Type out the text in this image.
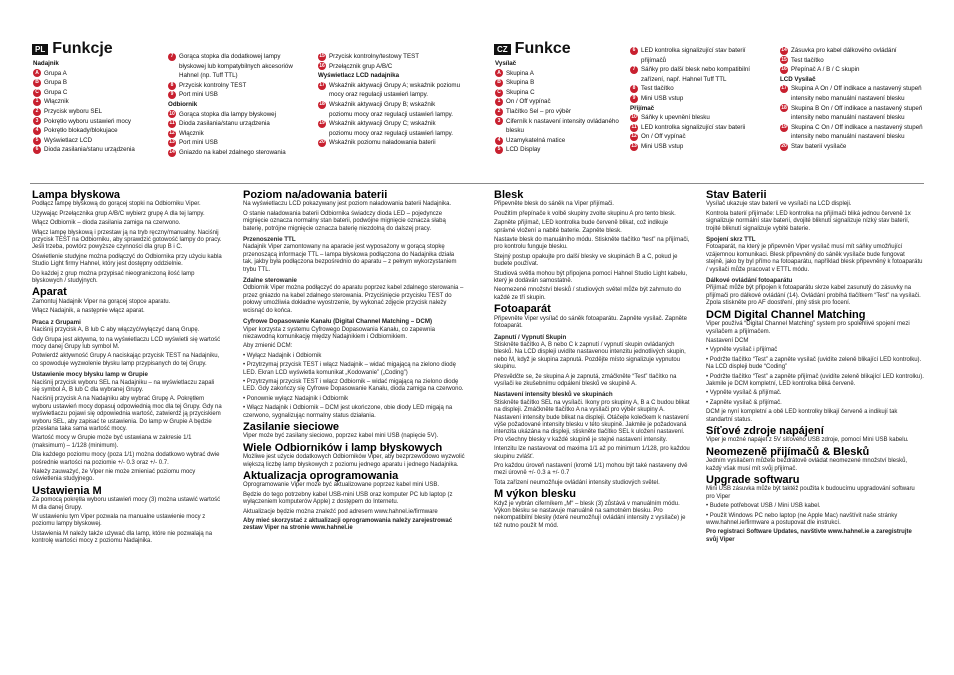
PL Funkcje
Nadajnik
A Grupa A
B Grupa B
C Grupa C
1 Włącznik
2 Przycisk wyboru SEL
3 Pokrętło wyboru ustawień mocy
4 Pokrętło blokady/blokujace
5 Wyświetlacz LCD
6 Dioda zasilania/stanu urządzenia
7 Gorąca stopka dla dodatkowej lampy błyskowej lub kompatybilnych akcesoriów Hahnel (np. Tuff TTL)
8 Przycisk kontrolny TEST
9 Port mini USB
Odbiornik
10 Gorąca stopka dla lampy błyskowej
11 Dioda zasilania/stanu urządzenia
12 Włącznik
13 Port mini USB
14 Gniazdo na kabel zdalnego sterowania
15 Przycisk kontrolny/testowy TEST
16 Przełącznik grup A/B/C
Wyświetlacz LCD nadajnika
17 Wskaźnik aktywacji Grupy A; wskaźnik poziomu mocy oraz regulacji ustawień lampy.
18 Wskaźnik aktywacji Grupy B; wskaźnik poziomu mocy oraz regulacji ustawień lampy.
19 Wskaźnik aktywacji Grupy C; wskaźnik poziomu mocy oraz regulacji ustawień lampy.
20 Wskaźnik poziomu naładowania baterii
CZ Funkce
Vysílač
A Skupina A
B Skupina B
C Skupina C
1 On / Off vypínač
2 Tlačítko Sel – pro výběr
3 Ciferník k nastavení intensity ovládaného blesku
4 Uzamykatelná matice
5 LCD Display
6 LED kontrolka signalizující stav baterií přijímačů
7 Sáňky pro další blesk nebo kompatibilní zařízení, např. Hahnel Tuff TTL
8 Test tlačítko
9 Mini USB vstup
Přijímač
10 Sáňky k upevnění blesku
11 LED kontrolka signalizující stav baterii
12 On / Off vypínač
13 Mini USB vstup
14 Zásuvka pro kabel dálkového ovládání
15 Test tlačítko
16 Přepínač A / B / C skupin
LCD Vysílač
17 Skupina A On / Off indikace a nastavený stupeň intensity nebo manuální nastavení blesku
18 Skupina B On / Off indikace a nastavený stupeň intensity nebo manuální nastavení blesku
19 Skupina C On / Off indikace a nastavený stupeň intensity nebo manuální nastavení blesku
20 Stav baterií vysílače
Lampa błyskowa

Podłącz lampę błyskową do gorącej stopki na Odbiorniku Viper.

Używając Przełącznika grup A/B/C wybierz grupę A dla tej lampy.

Włącz Odbiornik – dioda zasilania zamiga na czerwono.

Włącz lampę błyskową i przestaw ją na tryb ręczny/manualny. Naciśnij przycisk TEST na Odbiorniku, aby sprawdzić gotowość lampy do pracy. Jeśli trzeba, powtórz powyższe czynności dla grup B i C.

Oświetlenie studyjne można podłączyć do Odbiornika przy użyciu kabla Studio Light firmy Hahnel, który jest dostępny oddzielnie.

Do każdej z grup można przypisać nieograniczoną ilość lamp błyskowych / studyjnych.

Aparat

Zamontuj Nadajnik Viper na gorącej stopce aparatu.

Włącz Nadajnik, a następnie włącz aparat.

Praca z Grupami

Naciśnij przycisk A, B lub C aby włączyć/wyłączyć daną Grupę.

Gdy Grupa jest aktywna, to na wyświetlaczu LCD wyświetli się wartość mocy danej Grupy lub symbol M.

Potwierdź aktywność Grupy A naciskając przycisk TEST na Nadajniku, co spowoduje wyzwolenie błysku lamp przypisanych do tej Grupy.

Ustawienie mocy błysku lamp w Grupie

Naciśnij przycisk wyboru SEL na Nadajniku – na wyświetlaczu zapali się symbol A, B lub C dla wybranej Grupy.

Naciśnij przycisk A na Nadajniku aby wybrać Grupę A. Pokrętłem wyboru ustawień mocy dopasuj odpowiednią moc dla tej Grupy. Gdy na wyświetlaczu pojawi się odpowiednia wartość, zatwierdź ją przyciskiem wyboru SEL, aby zapisać te ustawienia. Do lamp w Grupie A będzie przesłana taka sama wartość mocy.

Wartość mocy w Grupie może być ustawiana w zakresie 1/1 (maksimum) – 1/128 (minimum).

Dla każdego poziomu mocy (poza 1/1) można dodatkowo wybrać dwie pośrednie wartości na poziomie +/- 0.3 oraz +/- 0.7.

Należy zauważyć, że Viper nie może zmieniać poziomu mocy oświetlenia studyjnego.

Ustawienia M

Za pomocą pokrętła wyboru ustawień mocy (3) można ustawić wartość M dla danej Grupy.

W ustawieniu tym Viper pozwala na manualne ustawienie mocy z poziomu lampy błyskowej.

Ustawienia M należy także używać dla lamp, które nie pozwalają na kontrolę wartości mocy z poziomu Nadajnika.

Poziom na/adowania baterii

Na wyświetlaczu LCD pokazywany jest poziom naładowania baterii Nadajnika.

O stanie naładowania baterii Odbiornika świadczy dioda LED – pojedyncze mignięcie oznacza normalny stan baterii, podwójne mignięcie oznacza słabą baterię, potrójne mignięcie oznacza baterię niezdolną do dalszej pracy.

Przenoszenie TTL

Nadajnik Viper zamontowany na aparacie jest wyposażony w gorącą stopkę przenoszącą informacje TTL – lampa błyskowa podłączona do Nadajnika działa tak, jakby była podłączona bezpośrednio do aparatu – z pełnym wykorzystaniem trybu TTL.

Zdalne sterowanie

Odbiornik Viper można podłączyć do aparatu poprzez kabel zdalnego sterowania – przez gniazdo na kabel zdalnego sterowania. Przyciśnięcie przycisku TEST do połowy umożliwia dokładne wyostrzenie, by wykonać zdjęcie przycisk należy wcisnąć do końca.

Cyfrowe Dopasowanie Kanału (Digital Channel Matching – DCM)

Viper korzysta z systemu Cyfrowego Dopasowania Kanału, co zapewnia niezawodną komunikację między Nadajnikiem i Odbiornikiem.

Aby zmienić DCM:

• Wyłącz Nadajnik i Odbiornik

• Przytrzymaj przycisk TEST i włącz Nadajnik – widać migającą na zielono diodę LED. Ekran LCD wyświetla komunikat „Kodowanie” („Coding”)

• Przytrzymaj przycisk TEST i włącz Odbiornik – widać migającą na zielono diodę LED. Gdy zakończy się Cyfrowe Dopasowanie Kanału, dioda zamiga na czerwono.

• Ponownie wyłącz Nadajnik i Odbiornik

• Włącz Nadajnik i Odbiornik – DCM jest ukończone, obie diody LED migają na czerwono, sygnalizując normalny status działania.

Zasilanie sieciowe

Viper może być zasilany sieciowo, poprzez kabel mini USB (napięcie 5V).

Wiele Odbiorników i lamp błyskowych

Możliwe jest użycie dodatkowych Odbiorników Viper, aby bezprzewodowo wyzwolić większą liczbę lamp błyskowych z poziomu jednego aparatu i jednego Nadajnika.

Aktualizacja oprogramowania

Oprogramowanie Viper może być aktualizowane poprzez kabel mini USB.

Będzie do tego potrzebny kabel USB-mini USB oraz komputer PC lub laptop (z wyłączeniem komputerów Apple) z dostępem do Internetu.

Aktualizacje będzie można znaleźć pod adresem www.hahnel.ie/firmware

Aby mieć skorzystać z aktualizacji oprogramowania należy zarejestrować zestaw Viper na stronie www.hahnel.ie

Blesk

Připevněte blesk do sáněk na Viper přijímači.

Použitím přepínače k volbě skupiny zvolte skupinu A pro tento blesk.

Zapněte přijímač, LED kontrolka bude červeně blikat, což indikuje správné vložení a nabité baterie. Zapněte blesk.

Nastavte blesk do manuálního módu. Stiskněte tlačítko “test” na přijímači, pro kontrolu funguje blesku.

Stejný postup opakujte pro další blesky ve skupinách B a C, pokud je budete používat.

Studiová světla mohou být připojena pomocí Hahnel Studio Light kabelu, který je dodáván samostatně.

Neomezené množství blesků / studiových světel může být zahrnuto do každé ze tří skupin.

Fotoaparát

Připevněte Viper vysílač do sáněk fotoaparátu. Zapněte vysílač. Zapněte fotoaparát.

Zapnutí / Vypnutí Skupin

Stiskněte tlačítko A, B nebo C k zapnutí / vypnutí skupin ovládaných blesků. Na LCD displeji uvidíte nastavenou intenzitu jednotlivých skupin, nebo M, když je skupina zapnutá. Pozdějte místo signalizuje vypnutou skupinu.

Přesvědčte se, že skupina A je zapnutá, zmáčkněte “Test” tlačítko na vysílači ke zkušebnímu odpálení blesků ve skupině A.

Nastavení intensity blesků ve skupinách

Stiskněte tlačítko SEL na vysílači. Ikony pro skupiny A, B a C budou blikat na displeji. Zmáčkněte tlačítko A na vysílači pro výběr skupiny A. Nastavení intensity bude blikat na displeji. Otáčejte kolečkem k nastavení výše požadované intensity blesku v této skupině. Jakmile je požadovaná intenzita ukázána na displeji, stiskněte tlačítko SEL k uložení nastavení. Pro všechny blesky v každé skupině je stejné nastavení intensity.

Intenzitu lze nastavovat od maxima 1/1 až po minimum 1/128, pro každou skupinu zvlášť.

Pro každou úroveň nastavení (kromě 1/1) mohou být také nastaveny dvě mezi úrovně +/- 0.3 a +/- 0.7

Tota zařízení neumožňuje ovládání intensity studiových světel.

M výkon blesku

Když je vybrán ciferníkem „M“ – blesk (3) zůstává v manuálním módu. Výkon blesku se nastavuje manuálně na samotném blesku. Pro nekompatibilní blesky (které neumožňují ovládání intensity z vysílače) je též nutno použít M mód.

Stav Baterii

Vysílač ukazuje stav baterií ve vysílači na LCD displeji.

Kontrola baterií přijímače: LED kontrolka na přijímači bliká jednou červeně 1x signalizuje normální stav baterií, dvojité bliknutí signalizuje nízký stav baterií, trojité bliknutí signalizuje vybité baterie.

Spojení skrz TTL

Fotoaparát, na který je připevněn Viper vysílač musí mít sáňky umožňující vzájemnou komunikaci. Blesk připevněný do sáněk vysílače bude fungovat stejně, jako by byl přímo na fotoaparátu, například blesk připevněný k fotoaparátu / vysílači může pracovat v ETTL módu.

Dálkové ovládání fotoaparátu

Přijímač může být připojen k fotoaparátu skrze kabel zasunutý do zásuvky na přijímači pro dálkové ovládání (14). Ovládání probíhá tlačítkem “Test” na vysílači. Zpola stiskněte pro AF doostření, plný stisk pro focení.

DCM Digital Channel Matching

Viper používá “Digital Channel Matching” system pro spolehlivé spojení mezi vysílačem a přijímačem.

Nastavení DCM

• Vypněte vysílač i přijímač

• Podržte tlačítko “Test” a zapněte vysílač (uvidíte zeleně blikající LED kontrolku). Na LCD displeji bude “Coding”

• Podržte tlačítko “Test” a zapněte přijímač (uvidíte zeleně blikající LED kontrolku). Jakmile je DCM kompletní, LED kontrolka bliká červeně.

• Vypněte vysílač & přijímač.

• Zapněte vysílač & přijímač.

DCM je nyní kompletní a obě LED kontrolky blikají červeně a indikují tak standartní status.

Síťové zdroje napájení

Viper je možné napájet z 5V síťového USB zdroje, pomocí Mini USB kabelu.

Neomezeně přijímačů & Blesků

Jedním vysílačem můžete bezdrátově ovládat neomezené množství blesků, každý však musí mít svůj přijímač.

Upgrade softwaru

Mini USB zásuvka může být taktéž použita k budoucímu upgradování softwaru pro Viper

• Budete potřebovat USB / Mini USB kabel.

• Použít Windows PC nebo laptop (ne Apple Mac) navštívit naše stránky www.hahnel.ie/firmware a postupovat dle instrukcí.

Pro registraci Software Updates, navštivte www.hahnel.ie a zaregistrujte svůj Viper
